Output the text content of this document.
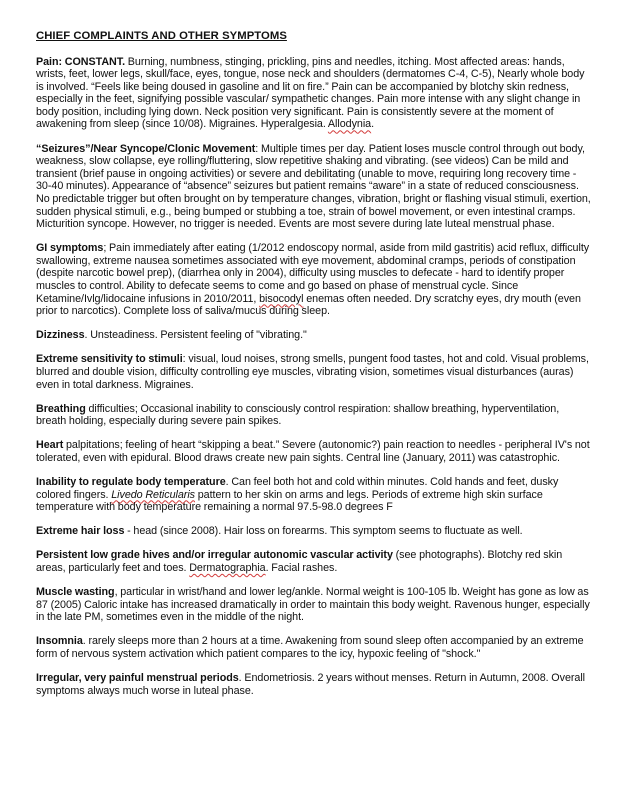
CHIEF COMPLAINTS AND OTHER SYMPTOMS

Pain: CONSTANT. Burning, numbness, stinging, prickling, pins and needles, itching. Most affected areas: hands, wrists, feet, lower legs, skull/face, eyes, tongue, nose neck and shoulders (dermatomes C-4, C-5), Nearly whole body is involved. “Feels like being doused in gasoline and lit on fire.” Pain can be accompanied by blotchy skin redness, especially in the feet, signifying possible vascular/ sympathetic changes. Pain more intense with any slight change in body position, including lying down. Neck position very significant. Pain is consistently severe at the moment of awakening from sleep (since 10/08). Migraines. Hyperalgesia. Allodynia.

“Seizures”/Near Syncope/Clonic Movement: Multiple times per day. Patient loses muscle control through out body, weakness, slow collapse, eye rolling/fluttering, slow repetitive shaking and vibrating. (see videos) Can be mild and transient (brief pause in ongoing activities) or severe and debilitating (unable to move, requiring long recovery time - 30-40 minutes). Appearance of “absence” seizures but patient remains “aware” in a state of reduced consciousness. No predictable trigger but often brought on by temperature changes, vibration, bright or flashing visual stimuli, exertion, sudden physical stimuli, e.g., being bumped or stubbing a toe, strain of bowel movement, or even intestinal cramps. Micturition syncope. However, no trigger is needed. Events are most severe during late luteal menstrual phase.

GI symptoms; Pain immediately after eating (1/2012 endoscopy normal, aside from mild gastritis) acid reflux, difficulty swallowing, extreme nausea sometimes associated with eye movement, abdominal cramps, periods of constipation (despite narcotic bowel prep), (diarrhea only in 2004), difficulty using muscles to defecate - hard to identify proper muscles to control. Ability to defecate seems to come and go based on phase of menstrual cycle. Since Ketamine/Ivlg/lidocaine infusions in 2010/2011, bisocodyl enemas often needed. Dry scratchy eyes, dry mouth (even prior to narcotics). Complete loss of saliva/mucus during sleep.

Dizziness. Unsteadiness. Persistent feeling of "vibrating."

Extreme sensitivity to stimuli: visual, loud noises, strong smells, pungent food tastes, hot and cold. Visual problems, blurred and double vision, difficulty controlling eye muscles, vibrating vision, sometimes visual disturbances (auras) even in total darkness. Migraines.

Breathing difficulties; Occasional inability to consciously control respiration: shallow breathing, hyperventilation, breath holding, especially during severe pain spikes.

Heart palpitations; feeling of heart “skipping a beat.” Severe (autonomic?) pain reaction to needles - peripheral IV's not tolerated, even with epidural. Blood draws create new pain sights. Central line (January, 2011) was catastrophic.

Inability to regulate body temperature. Can feel both hot and cold within minutes. Cold hands and feet, dusky colored fingers. Livedo Reticularis pattern to her skin on arms and legs. Periods of extreme high skin surface temperature with body temperature remaining a normal 97.5-98.0 degrees F

Extreme hair loss - head (since 2008). Hair loss on forearms. This symptom seems to fluctuate as well.

Persistent low grade hives and/or irregular autonomic vascular activity (see photographs). Blotchy red skin areas, particularly feet and toes. Dermatographia. Facial rashes.

Muscle wasting, particular in wrist/hand and lower leg/ankle. Normal weight is 100-105 lb. Weight has gone as low as 87 (2005) Caloric intake has increased dramatically in order to maintain this body weight. Ravenous hunger, especially in the late PM, sometimes even in the middle of the night.

Insomnia. rarely sleeps more than 2 hours at a time. Awakening from sound sleep often accompanied by an extreme form of nervous system activation which patient compares to the icy, hypoxic feeling of "shock."

Irregular, very painful menstrual periods. Endometriosis. 2 years without menses. Return in Autumn, 2008. Overall symptoms always much worse in luteal phase.
